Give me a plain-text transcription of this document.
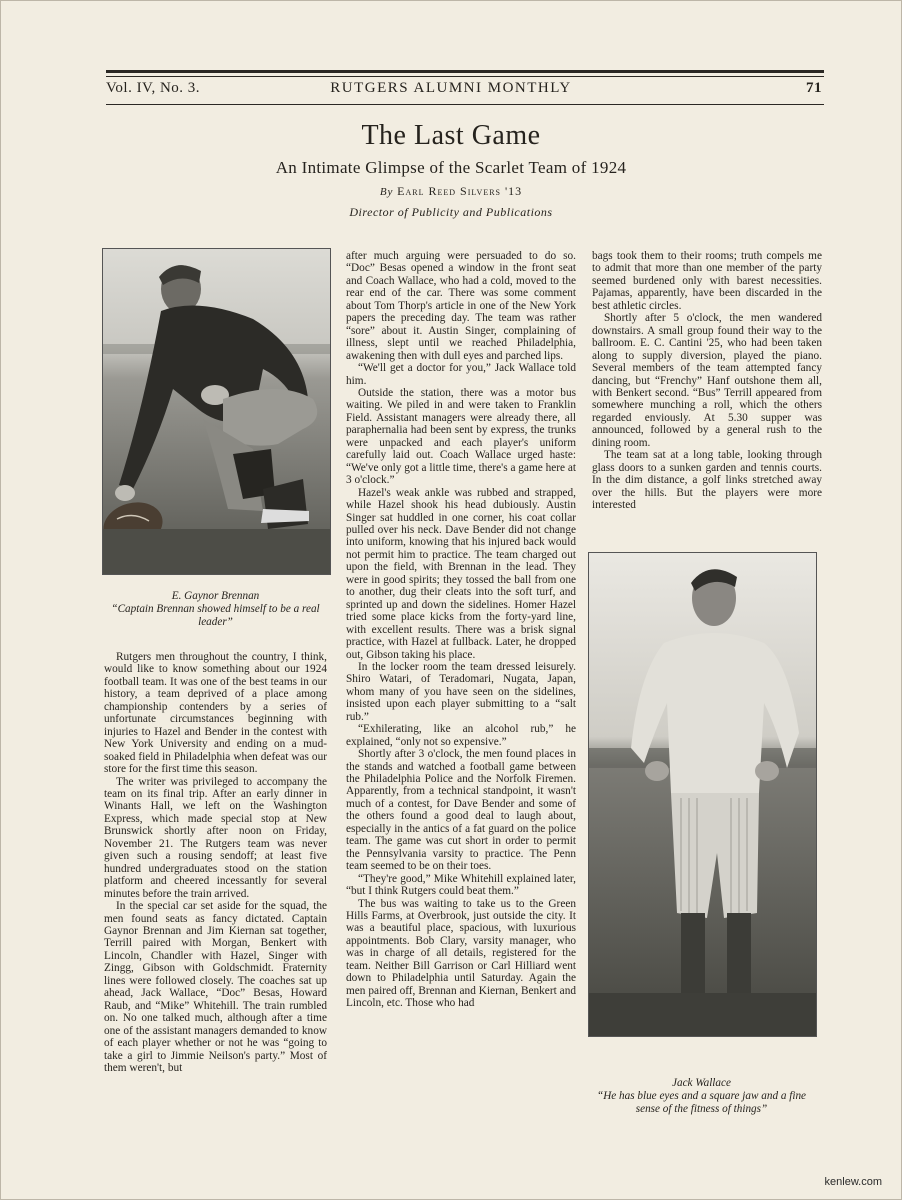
Vol. IV, No. 3.	RUTGERS ALUMNI MONTHLY	71
The Last Game
An Intimate Glimpse of the Scarlet Team of 1924
By Earl Reed Silvers '13
Director of Publicity and Publications
E. Gaynor Brennan
“Captain Brennan showed himself to be a real leader”
Jack Wallace
“He has blue eyes and a square jaw and a fine sense of the fitness of things”

Rutgers men throughout the country, I think, would like to know something about our 1924 football team. It was one of the best teams in our history, a team deprived of a place among championship contenders by a series of unfortunate circumstances beginning with injuries to Hazel and Bender in the contest with New York University and ending on a mud-soaked field in Philadelphia when defeat was our store for the first time this season.

The writer was privileged to accompany the team on its final trip. After an early dinner in Winants Hall, we left on the Washington Express, which made special stop at New Brunswick shortly after noon on Friday, November 21. The Rutgers team was never given such a rousing sendoff; at least five hundred undergraduates stood on the station platform and cheered incessantly for several minutes before the train arrived.

In the special car set aside for the squad, the men found seats as fancy dictated. Captain Gaynor Brennan and Jim Kiernan sat together, Terrill paired with Morgan, Benkert with Lincoln, Chandler with Hazel, Singer with Zingg, Gibson with Goldschmidt. Fraternity lines were followed closely. The coaches sat up ahead, Jack Wallace, “Doc” Besas, Howard Raub, and “Mike” Whitehill. The train rumbled on. No one talked much, although after a time one of the assistant managers demanded to know of each player whether or not he was “going to take a girl to Jimmie Neilson's party.” Most of them weren't, but

after much arguing were persuaded to do so. “Doc” Besas opened a window in the front seat and Coach Wallace, who had a cold, moved to the rear end of the car. There was some comment about Tom Thorp's article in one of the New York papers the preceding day. The team was rather “sore” about it. Austin Singer, complaining of illness, slept until we reached Philadelphia, awakening then with dull eyes and parched lips.

“We'll get a doctor for you,” Jack Wallace told him.

Outside the station, there was a motor bus waiting. We piled in and were taken to Franklin Field. Assistant managers were already there, all paraphernalia had been sent by express, the trunks were unpacked and each player's uniform carefully laid out. Coach Wallace urged haste: “We've only got a little time, there's a game here at 3 o'clock.”

Hazel's weak ankle was rubbed and strapped, while Hazel shook his head dubiously. Austin Singer sat huddled in one corner, his coat collar pulled over his neck. Dave Bender did not change into uniform, knowing that his injured back would not permit him to practice. The team charged out upon the field, with Brennan in the lead. They were in good spirits; they tossed the ball from one to another, dug their cleats into the soft turf, and sprinted up and down the sidelines. Homer Hazel tried some place kicks from the forty-yard line, with excellent results. There was a brisk signal practice, with Hazel at fullback. Later, he dropped out, Gibson taking his place.

In the locker room the team dressed leisurely. Shiro Watari, of Teradomari, Nugata, Japan, whom many of you have seen on the sidelines, insisted upon each player submitting to a “salt rub.”

“Exhilerating, like an alcohol rub,” he explained, “only not so expensive.”

Shortly after 3 o'clock, the men found places in the stands and watched a football game between the Philadelphia Police and the Norfolk Firemen. Apparently, from a technical standpoint, it wasn't much of a contest, for Dave Bender and some of the others found a good deal to laugh about, especially in the antics of a fat guard on the police team. The game was cut short in order to permit the Pennsylvania varsity to practice. The Penn team seemed to be on their toes.

“They're good,” Mike Whitehill explained later, “but I think Rutgers could beat them.”

The bus was waiting to take us to the Green Hills Farms, at Overbrook, just outside the city. It was a beautiful place, spacious, with luxurious appointments. Bob Clary, varsity manager, who was in charge of all details, registered for the team. Neither Bill Garrison or Carl Hilliard went down to Philadelphia until Saturday. Again the men paired off, Brennan and Kiernan, Benkert and Lincoln, etc. Those who had

bags took them to their rooms; truth compels me to admit that more than one member of the party seemed burdened only with barest necessities. Pajamas, apparently, have been discarded in the best athletic circles.

Shortly after 5 o'clock, the men wandered downstairs. A small group found their way to the ballroom. E. C. Cantini '25, who had been taken along to supply diversion, played the piano. Several members of the team attempted fancy dancing, but “Frenchy” Hanf outshone them all, with Benkert second. “Bus” Terrill appeared from somewhere munching a roll, which the others regarded enviously. At 5.30 supper was announced, followed by a general rush to the dining room.

The team sat at a long table, looking through glass doors to a sunken garden and tennis courts. In the dim distance, a golf links stretched away over the hills. But the players were more interested

kenlew.com
